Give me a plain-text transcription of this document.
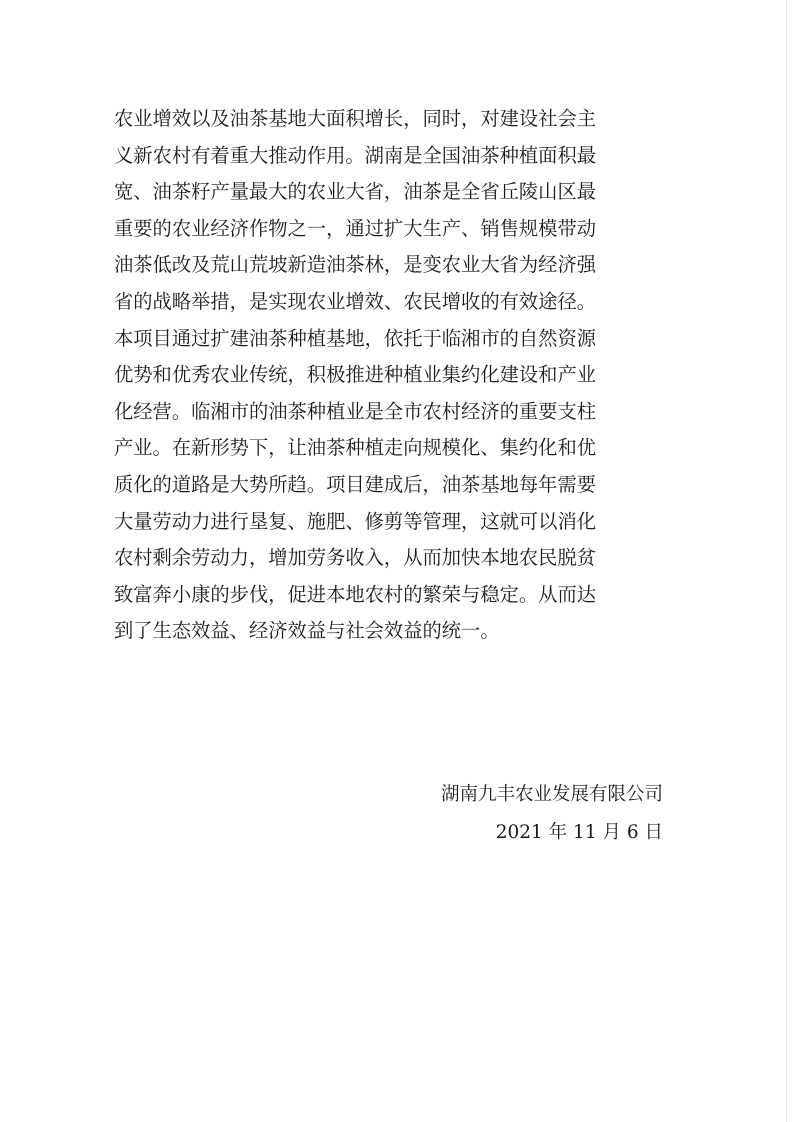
农业增效以及油茶基地大面积增长，同时，对建设社会主
义新农村有着重大推动作用。湖南是全国油茶种植面积最
宽、油茶籽产量最大的农业大省，油茶是全省丘陵山区最
重要的农业经济作物之一，通过扩大生产、销售规模带动
油茶低改及荒山荒坡新造油茶林，是变农业大省为经济强
省的战略举措，是实现农业增效、农民增收的有效途径。
本项目通过扩建油茶种植基地，依托于临湘市的自然资源
优势和优秀农业传统，积极推进种植业集约化建设和产业
化经营。临湘市的油茶种植业是全市农村经济的重要支柱
产业。在新形势下，让油茶种植走向规模化、集约化和优
质化的道路是大势所趋。项目建成后，油茶基地每年需要
大量劳动力进行垦复、施肥、修剪等管理，这就可以消化
农村剩余劳动力，增加劳务收入，从而加快本地农民脱贫
致富奔小康的步伐，促进本地农村的繁荣与稳定。从而达
到了生态效益、经济效益与社会效益的统一。
湖南九丰农业发展有限公司
2021 年 11 月 6 日
